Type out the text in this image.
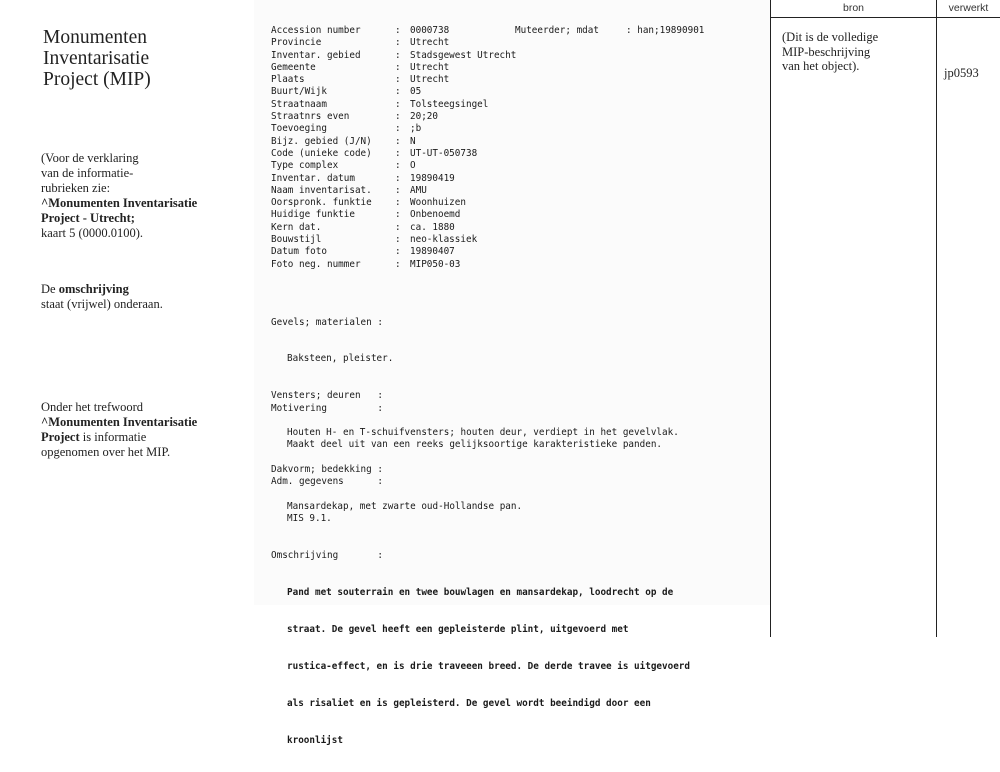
Monumenten
Inventarisatie
Project (MIP)
(Voor de verklaring
van de informatie-
rubrieken zie:
^Monumenten Inventarisatie
Project - Utrecht;
kaart 5 (0000.0100).
De omschrijving
staat (vrijwel) onderaan.
Onder het trefwoord
^Monumenten Inventarisatie
Project is informatie
opgenomen over het MIP.
Accession number	: 0000738
Provincie	: Utrecht
Inventar. gebied	: Stadsgewest Utrecht
Gemeente	: Utrecht
Plaats	: Utrecht
Buurt/Wijk	: 05
Straatnaam	: Tolsteegsingel
Straatnrs even	: 20;20
Toevoeging	: ;b
Bijz. gebied (J/N)	: N
Code (unieke code)	: UT-UT-050738
Type complex	: O
Inventar. datum	: 19890419
Naam inventarisat.	: AMU
Oorspronk. funktie	: Woonhuizen
Huidige funktie	: Onbenoemd
Kern dat.	: ca. 1880
Bouwstijl	: neo-klassiek
Datum foto	: 19890407
Foto neg. nummer	: MIP050-03
Muteerder; mdat	: han;19890901

Gevels; materialen :

Baksteen, pleister.

Vensters; deuren   :

Houten H- en T-schuifvensters; houten deur, verdiept in het gevelvlak.

Dakvorm; bedekking :

Mansardekap, met zwarte oud-Hollandse pan.

Motivering         :

Maakt deel uit van een reeks gelijksoortige karakteristieke panden.

Adm. gegevens      :

MIS 9.1.

Omschrijving       :

Pand met souterrain en twee bouwlagen en mansardekap, loodrecht op de

straat. De gevel heeft een gepleisterde plint, uitgevoerd met

rustica-effect, en is drie traveeen breed. De derde travee is uitgevoerd

als risaliet en is gepleisterd. De gevel wordt beeindigd door een

kroonlijst

bron	verwerkt
(Dit is de volledige
MIP-beschrijving
van het object).	jp0593
